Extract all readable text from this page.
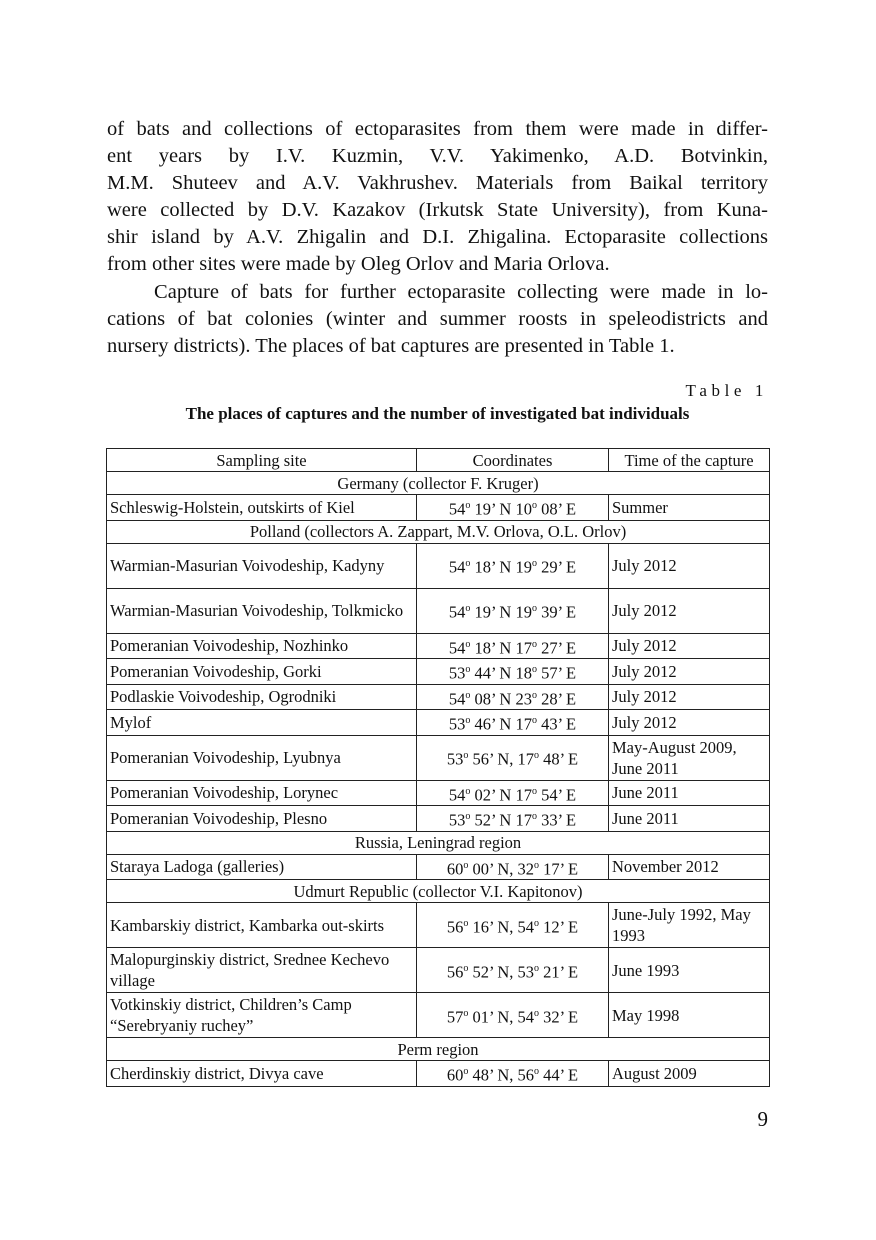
of bats and collections of ectoparasites from them were made in differ-
ent years by I.V. Kuzmin, V.V. Yakimenko, A.D. Botvinkin,
M.M. Shuteev and A.V. Vakhrushev. Materials from Baikal territory
were collected by D.V. Kazakov (Irkutsk State University), from Kuna-
shir island by A.V. Zhigalin and D.I. Zhigalina. Ectoparasite collections
from other sites were made by Oleg Orlov and Maria Orlova.
Capture of bats for further ectoparasite collecting were made in lo-
cations of bat colonies (winter and summer roosts in speleodistricts and
nursery districts). The places of bat captures are presented in Table 1.
Table 1
The places of captures and the number of investigated bat individuals
Sampling site	Coordinates	Time of the capture
Germany (collector F. Kruger)		
Schleswig-Holstein, outskirts of Kiel	54$^o$ 19’ N 10$^o$ 08’ E	Summer
Polland (collectors A. Zappart, M.V. Orlova, O.L. Orlov)		
Warmian-Masurian Voivodeship, Kadyny	54$^o$ 18’ N 19$^o$ 29’ E	July 2012
Warmian-Masurian Voivodeship, Tolkmicko	54$^o$ 19’ N 19$^o$ 39’ E	July 2012
Pomeranian Voivodeship, Nozhinko	54$^o$ 18’ N 17$^o$ 27’ E	July 2012
Pomeranian Voivodeship, Gorki	53$^o$ 44’ N 18$^o$ 57’ E	July 2012
Podlaskie Voivodeship, Ogrodniki	54$^o$ 08’ N 23$^o$ 28’ E	July 2012
Mylof	53$^o$ 46’ N 17$^o$ 43’ E	July 2012
Pomeranian Voivodeship, Lyubnya	53$^o$ 56’ N, 17$^o$ 48’ E	May-August 2009, June 2011
Pomeranian Voivodeship, Lorynec	54$^o$ 02’ N 17$^o$ 54’ E	June 2011
Pomeranian Voivodeship, Plesno	53$^o$ 52’ N 17$^o$ 33’ E	June 2011
Russia, Leningrad region		
Staraya Ladoga (galleries)	60$^o$ 00’ N, 32$^o$ 17’ E	November 2012
Udmurt Republic (collector V.I. Kapitonov)		
Kambarskiy district, Kambarka out-skirts	56$^o$ 16’ N, 54$^o$ 12’ E	June-July 1992, May 1993
Malopurginskiy district, Srednee Kechevo village	56$^o$ 52’ N, 53$^o$ 21’ E	June 1993
Votkinskiy district, Children’s Camp “Serebryaniy ruchey”	57$^o$ 01’ N, 54$^o$ 32’ E	May 1998
Perm region		
Cherdinskiy district, Divya cave	60$^o$ 48’ N, 56$^o$ 44’ E	August 2009
9
